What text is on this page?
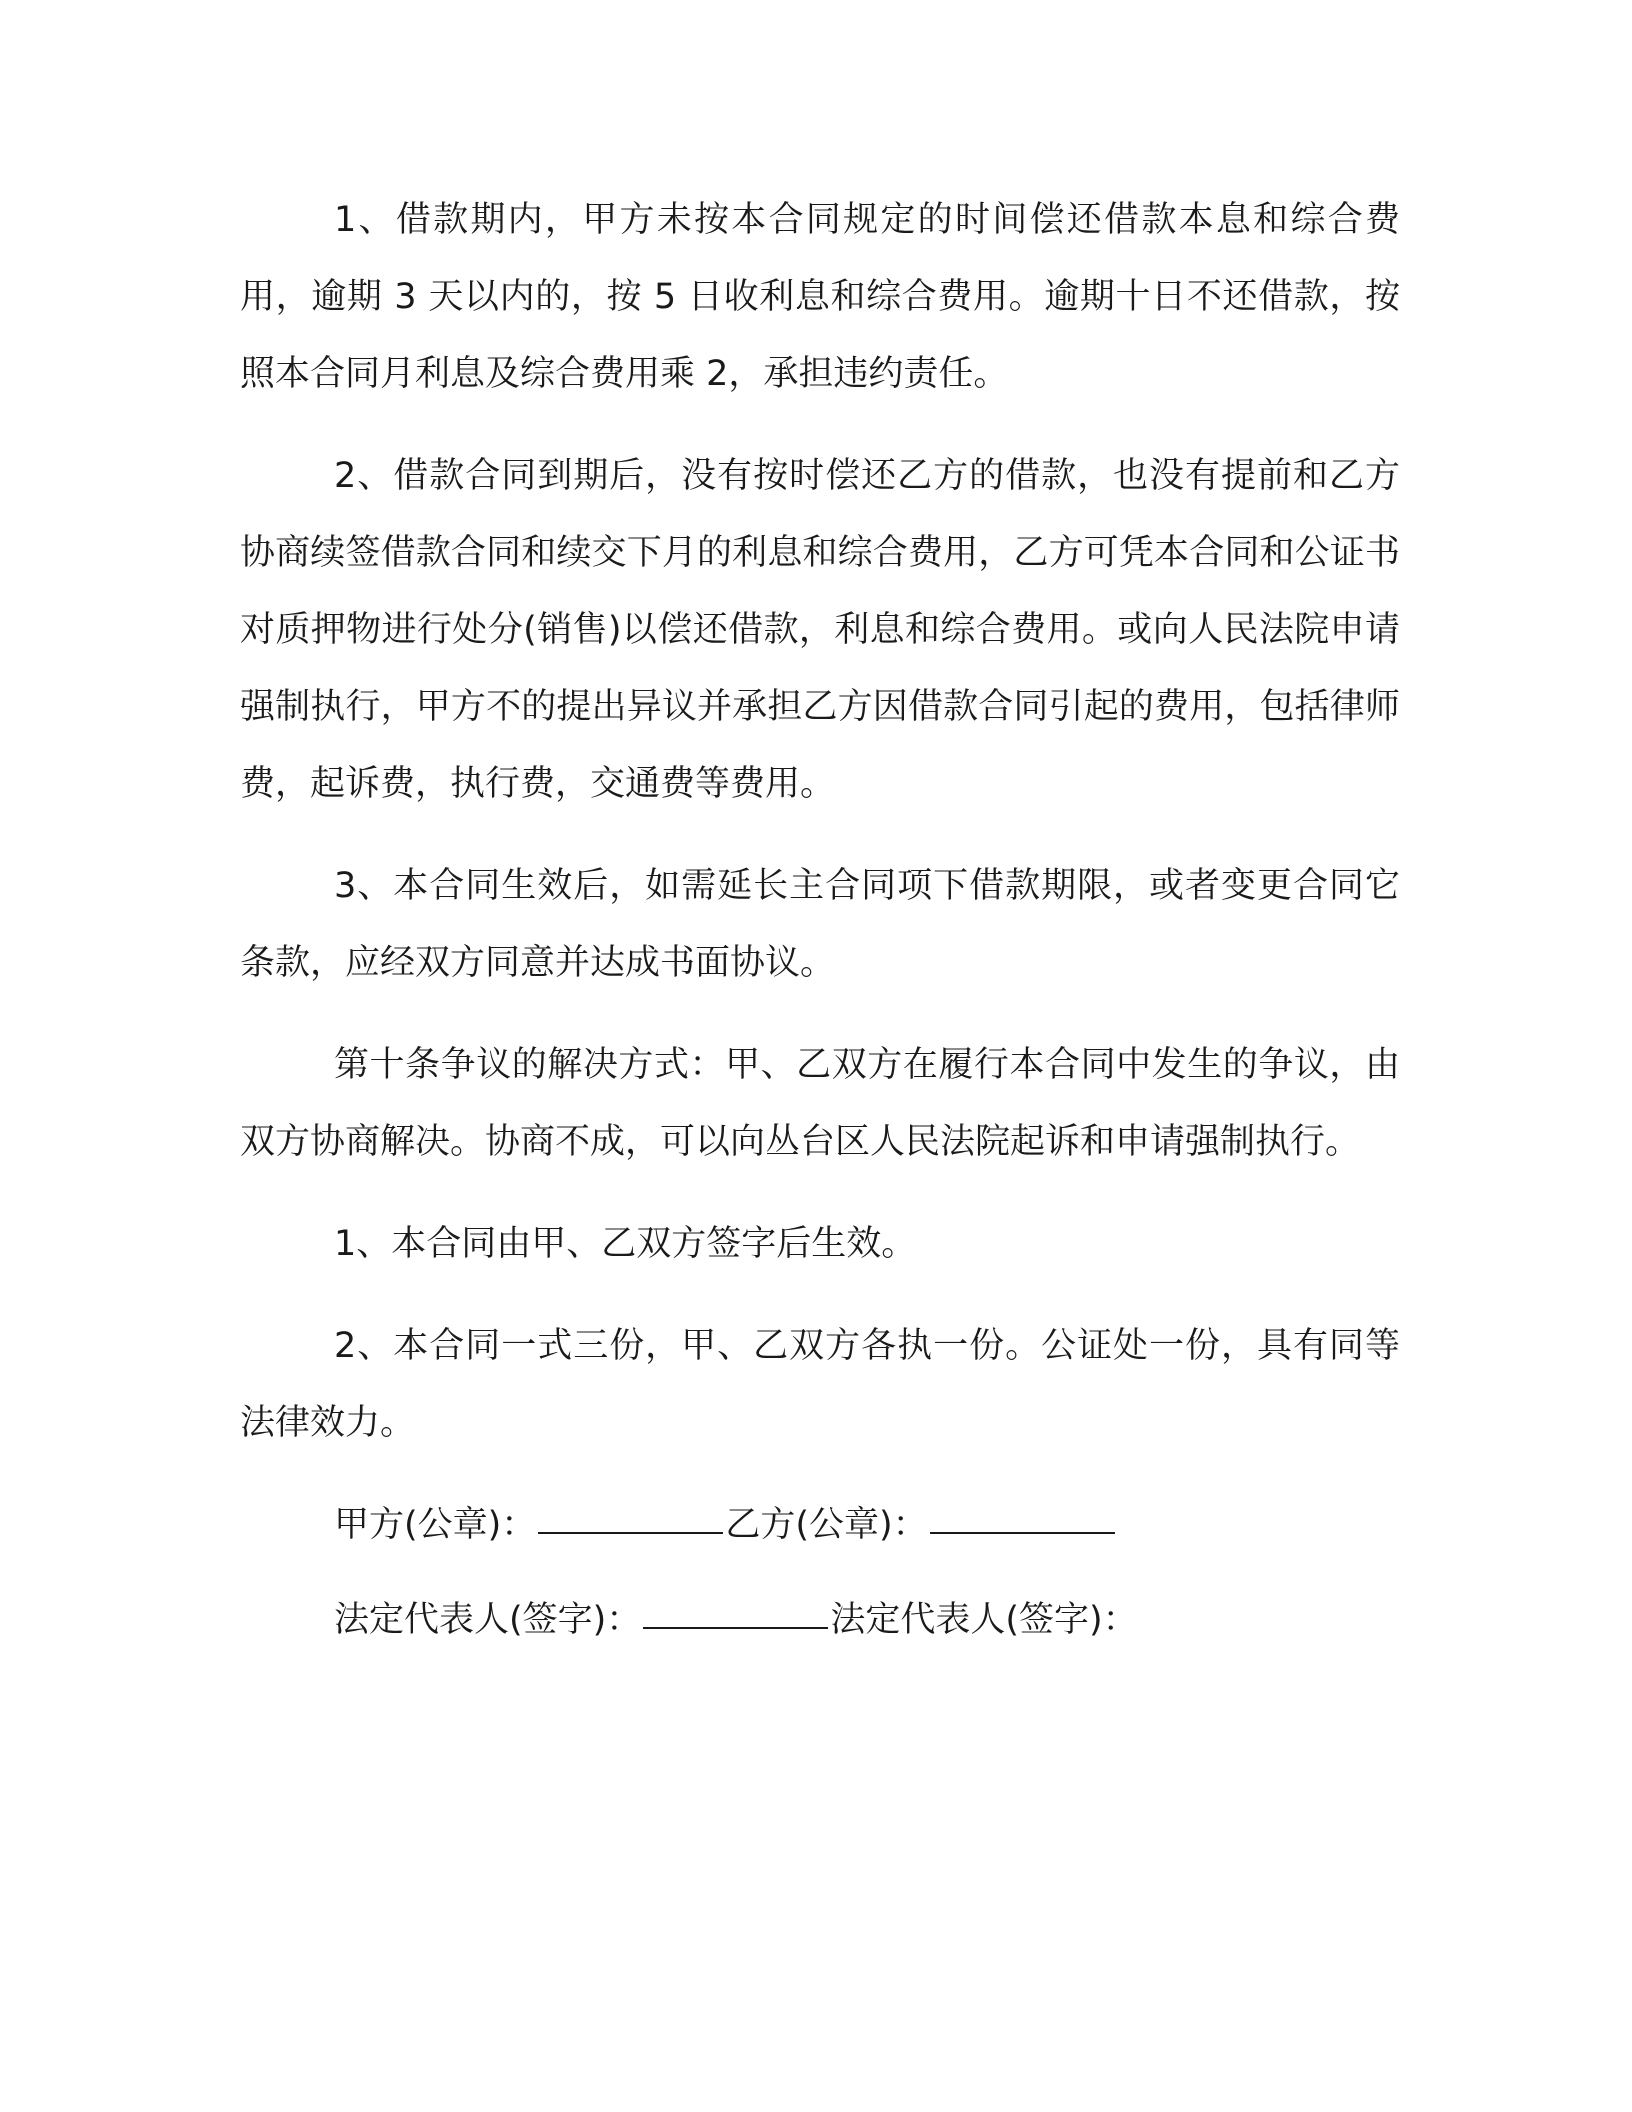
1、借款期内，甲方未按本合同规定的时间偿还借款本息和综合费用，逾期 3 天以内的，按 5 日收利息和综合费用。逾期十日不还借款，按照本合同月利息及综合费用乘 2，承担违约责任。

2、借款合同到期后，没有按时偿还乙方的借款，也没有提前和乙方协商续签借款合同和续交下月的利息和综合费用，乙方可凭本合同和公证书对质押物进行处分(销售)以偿还借款，利息和综合费用。或向人民法院申请强制执行，甲方不的提出异议并承担乙方因借款合同引起的费用，包括律师费，起诉费，执行费，交通费等费用。

3、本合同生效后，如需延长主合同项下借款期限，或者变更合同它条款，应经双方同意并达成书面协议。

第十条争议的解决方式：甲、乙双方在履行本合同中发生的争议，由双方协商解决。协商不成，可以向丛台区人民法院起诉和申请强制执行。

1、本合同由甲、乙双方签字后生效。

2、本合同一式三份，甲、乙双方各执一份。公证处一份，具有同等法律效力。

甲方(公章)：	乙方(公章)：

法定代表人(签字)：	法定代表人(签字)：
